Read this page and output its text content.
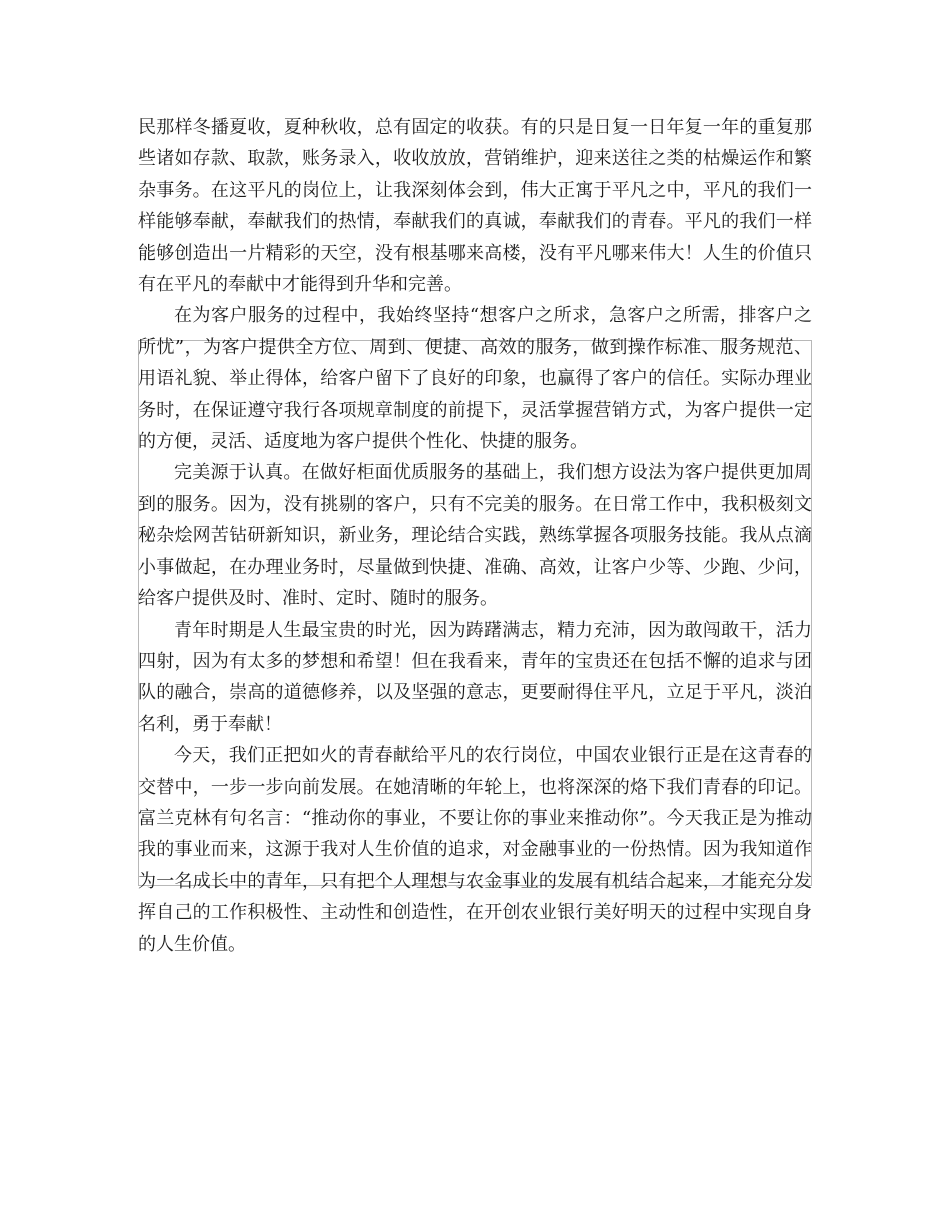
民那样冬播夏收，夏种秋收，总有固定的收获。有的只是日复一日年复一年的重复那些诸如存款、取款，账务录入，收收放放，营销维护，迎来送往之类的枯燥运作和繁杂事务。在这平凡的岗位上，让我深刻体会到，伟大正寓于平凡之中，平凡的我们一样能够奉献，奉献我们的热情，奉献我们的真诚，奉献我们的青春。平凡的我们一样能够创造出一片精彩的天空，没有根基哪来高楼，没有平凡哪来伟大！人生的价值只有在平凡的奉献中才能得到升华和完善。

在为客户服务的过程中，我始终坚持“想客户之所求，急客户之所需，排客户之所忧”，为客户提供全方位、周到、便捷、高效的服务，做到操作标准、服务规范、用语礼貌、举止得体，给客户留下了良好的印象，也赢得了客户的信任。实际办理业务时，在保证遵守我行各项规章制度的前提下，灵活掌握营销方式，为客户提供一定的方便，灵活、适度地为客户提供个性化、快捷的服务。

完美源于认真。在做好柜面优质服务的基础上，我们想方设法为客户提供更加周到的服务。因为，没有挑剔的客户，只有不完美的服务。在日常工作中，我积极刻文秘杂烩网苦钻研新知识，新业务，理论结合实践，熟练掌握各项服务技能。我从点滴小事做起，在办理业务时，尽量做到快捷、准确、高效，让客户少等、少跑、少问，给客户提供及时、准时、定时、随时的服务。

青年时期是人生最宝贵的时光，因为踌躇满志，精力充沛，因为敢闯敢干，活力四射，因为有太多的梦想和希望！但在我看来，青年的宝贵还在包括不懈的追求与团队的融合，崇高的道德修养，以及坚强的意志，更要耐得住平凡，立足于平凡，淡泊名利，勇于奉献！

今天，我们正把如火的青春献给平凡的农行岗位，中国农业银行正是在这青春的交替中，一步一步向前发展。在她清晰的年轮上，也将深深的烙下我们青春的印记。富兰克林有句名言：“推动你的事业，不要让你的事业来推动你”。今天我正是为推动我的事业而来，这源于我对人生价值的追求，对金融事业的一份热情。因为我知道作为一名成长中的青年，只有把个人理想与农金事业的发展有机结合起来，才能充分发挥自己的工作积极性、主动性和创造性，在开创农业银行美好明天的过程中实现自身的人生价值。
